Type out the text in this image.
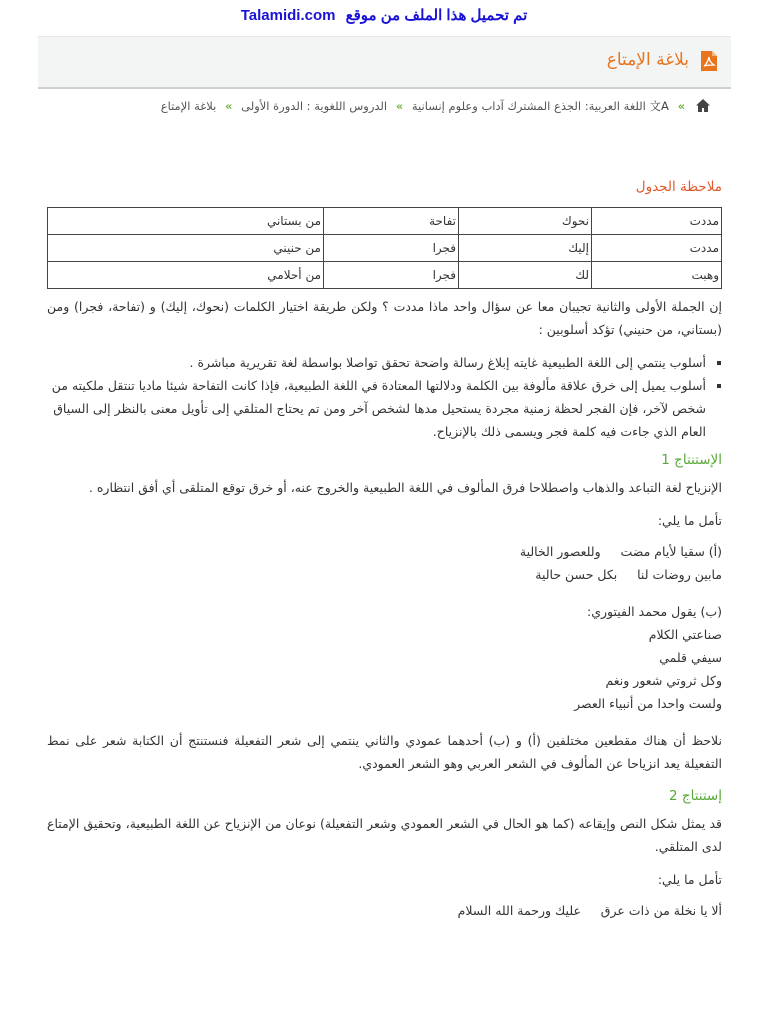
تم تحميل هذا الملف من موقع Talamidi.com
بلاغة الإمتاع
» 文A اللغة العربية: الجذع المشترك آداب وعلوم إنسانية » الدروس اللغوية : الدورة الأولى » بلاغة الإمتاع
ملاحظة الجدول
مددت	نحوك	تفاحة	من بستاني
مددت	إليك	فجرا	من حنيني
وهبت	لك	فجرا	من أحلامي

إن الجملة الأولى والثانية تجيبان معا عن سؤال واحد ماذا مددت ؟ ولكن طريقة اختيار الكلمات (نحوك، إليك) و (تفاحة، فجرا) ومن (بستاني، من حنيني) تؤكد أسلوبين :

▪ أسلوب ينتمي إلى اللغة الطبيعية غايته إبلاغ رسالة واضحة تحقق تواصلا بواسطة لغة تقريرية مباشرة .
▪ أسلوب يميل إلى خرق علاقة مألوفة بين الكلمة ودلالتها المعتادة في اللغة الطبيعية، فإذا كانت التفاحة شيئا ماديا تنتقل ملكيته من شخص لآخر، فإن الفجر لحظة زمنية مجردة يستحيل مدها لشخص آخر ومن تم يحتاج المتلقي إلى تأويل معنى بالنظر إلى السياق العام الذي جاءت فيه كلمة فجر ويسمى ذلك بالإنزياح.
الإستنتاج 1

الإنزياح لغة التباعد والذهاب واصطلاحا فرق المألوف في اللغة الطبيعية والخروج عنه، أو خرق توقع المتلقى أي أفق انتظاره .

تأمل ما يلي:

(أ) سقيا لأيام مضت     وللعصور الخالية
مابين روضات لنا     بكل حسن حالية
(ب) يقول محمد الفيتوري:
صناعتي الكلام
سيفي قلمي
وكل ثروتي شعور ونغم
ولست واحدا من أنبياء العصر

نلاحظ أن هناك مقطعين مختلفين (أ) و (ب) أحدهما عمودي والثاني ينتمي إلى شعر التفعيلة فنستنتج أن الكتابة شعر على نمط التفعيلة يعد انزياحا عن المألوف في الشعر العربي وهو الشعر العمودي.

إستنتاج 2

قد يمثل شكل النص وإيقاعه (كما هو الحال في الشعر العمودي وشعر التفعيلة) نوعان من الإنزياح عن اللغة الطبيعية، وتحقيق الإمتاع لدى المتلقي.

تأمل ما يلي:

ألا يا نخلة من ذات عرق     عليك ورحمة الله السلام
